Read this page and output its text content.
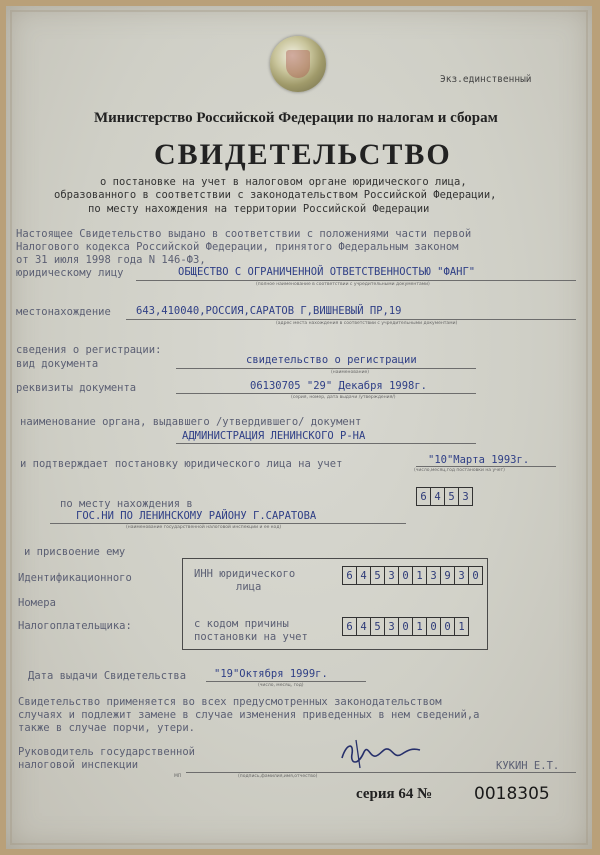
Экз.единственный
Министерство Российской Федерации по налогам и сборам
СВИДЕТЕЛЬСТВО
о постановке на учет в налоговом органе юридического лица,
образованного в соответствии с законодательством Российской Федерации,
по месту нахождения на территории Российской Федерации
Настоящее Свидетельство выдано в соответствии с положениями части первой
Налогового кодекса Российской Федерации, принятого Федеральным законом
от 31 июля 1998 года N 146-ФЗ,
юридическому лицу	ОБЩЕСТВО С ОГРАНИЧЕННОЙ ОТВЕТСТВЕННОСТЬЮ "ФАНГ"
(полное наименование в соответствии с учредительными документами)
местонахождение 643,410040,РОССИЯ,САРАТОВ Г,ВИШНЕВЫЙ ПР,19
(адрес места нахождения в соответствии с учредительными документами)
сведения о регистрации:
вид документа	свидетельство о регистрации
(наименование)
реквизиты документа	06130705 "29" Декабря 1998г.
(серия, номер, дата выдачи /утверждения/)
наименование органа, выдавшего /утвердившего/ документ
АДМИНИСТРАЦИЯ ЛЕНИНСКОГО Р-НА
и подтверждает постановку юридического лица на учет	"10"Марта 1993г.
(число,месяц,год постановки на учет)
по месту нахождения в
ГОС.НИ ПО ЛЕНИНСКОМУ РАЙОНУ Г.САРАТОВА
(наименование государственной налоговой инспекции и ее код)
6 4 5 3
и присвоение ему
Идентификационного
Номера
Налогоплательщика:
ИНН юридического
лица
6 4 5 3 0 1 3 9 3 0
с кодом причины
постановки на учет
6 4 5 3 0 1 0 0 1
Дата выдачи Свидетельства	"19"Октября 1999г.
(число, месяц, год)
Свидетельство применяется во всех предусмотренных законодательством
случаях и подлежит замене в случае изменения приведенных в нем сведений,а
также в случае порчи, утери.
Руководитель государственной
налоговой инспекции
МП	(подпись,фамилия,имя,отчество)
КУКИН Е.Т.
серия 64 № 0018305
